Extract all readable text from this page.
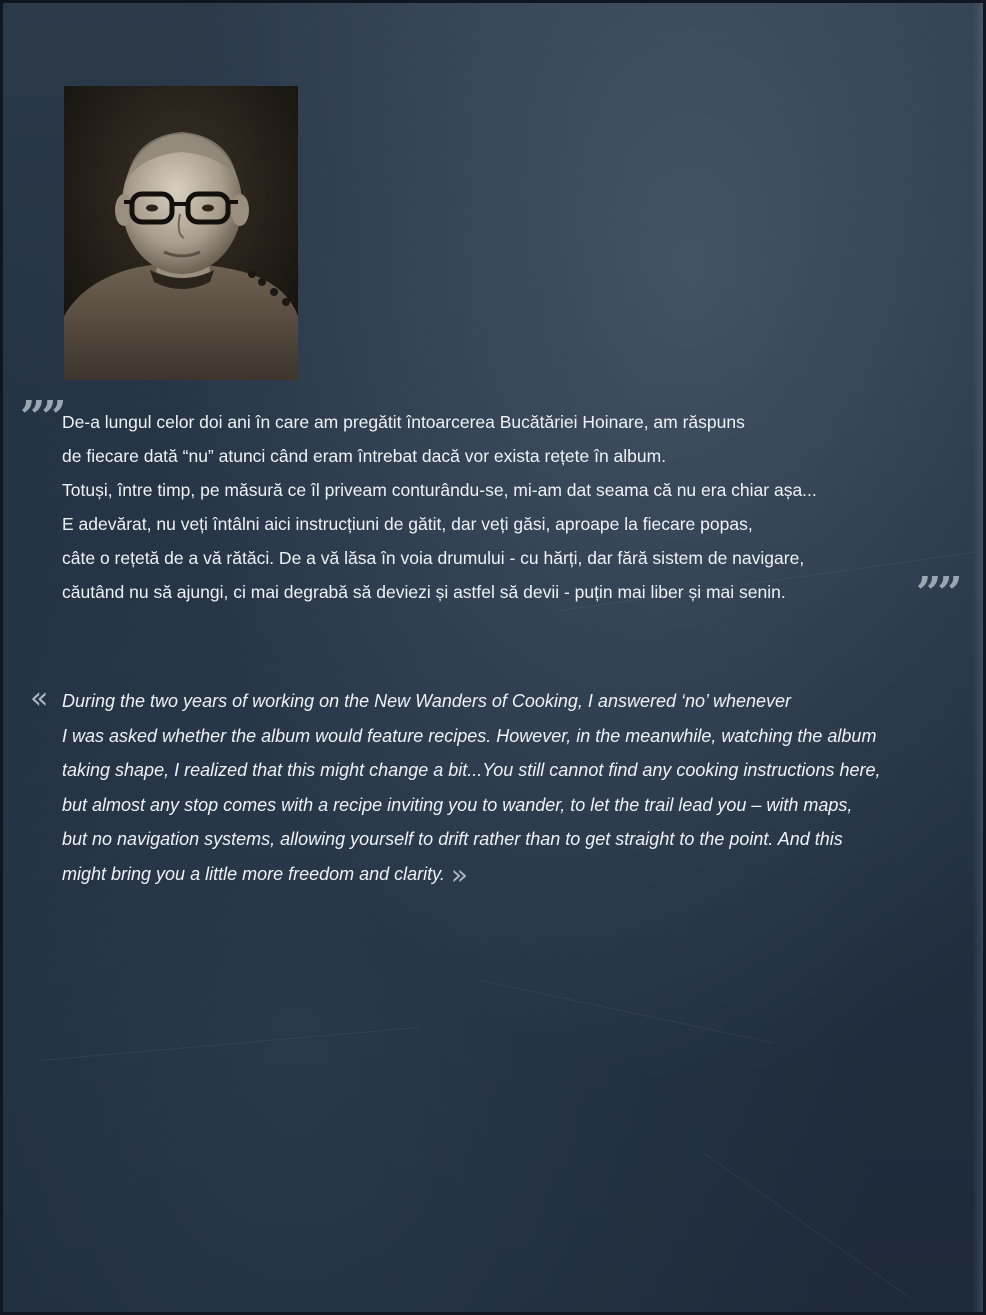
”” De-a lungul celor doi ani în care am pregătit întoarcerea Bucătăriei Hoinare, am răspuns

de fiecare dată “nu” atunci când eram întrebat dacă vor exista rețete în album.

Totuși, între timp, pe măsură ce îl priveam conturându-se, mi-am dat seama că nu era chiar așa...

E adevărat, nu veți întâlni aici instrucțiuni de gătit, dar veți găsi, aproape la fiecare popas,

câte o rețetă de a vă rătăci. De a vă lăsa în voia drumului - cu hărți, dar fără sistem de navigare,

căutând nu să ajungi, ci mai degrabă să deviezi și astfel să devii - puțin mai liber și mai senin.	””
« During the two years of working on the New Wanders of Cooking, I answered ‘no’ whenever

I was asked whether the album would feature recipes. However, in the meanwhile, watching the album

taking shape, I realized that this might change a bit...You still cannot find any cooking instructions here,

but almost any stop comes with a recipe inviting you to wander, to let the trail lead you – with maps,

but no navigation systems, allowing yourself to drift rather than to get straight to the point. And this

might bring you a little more freedom and clarity. »
